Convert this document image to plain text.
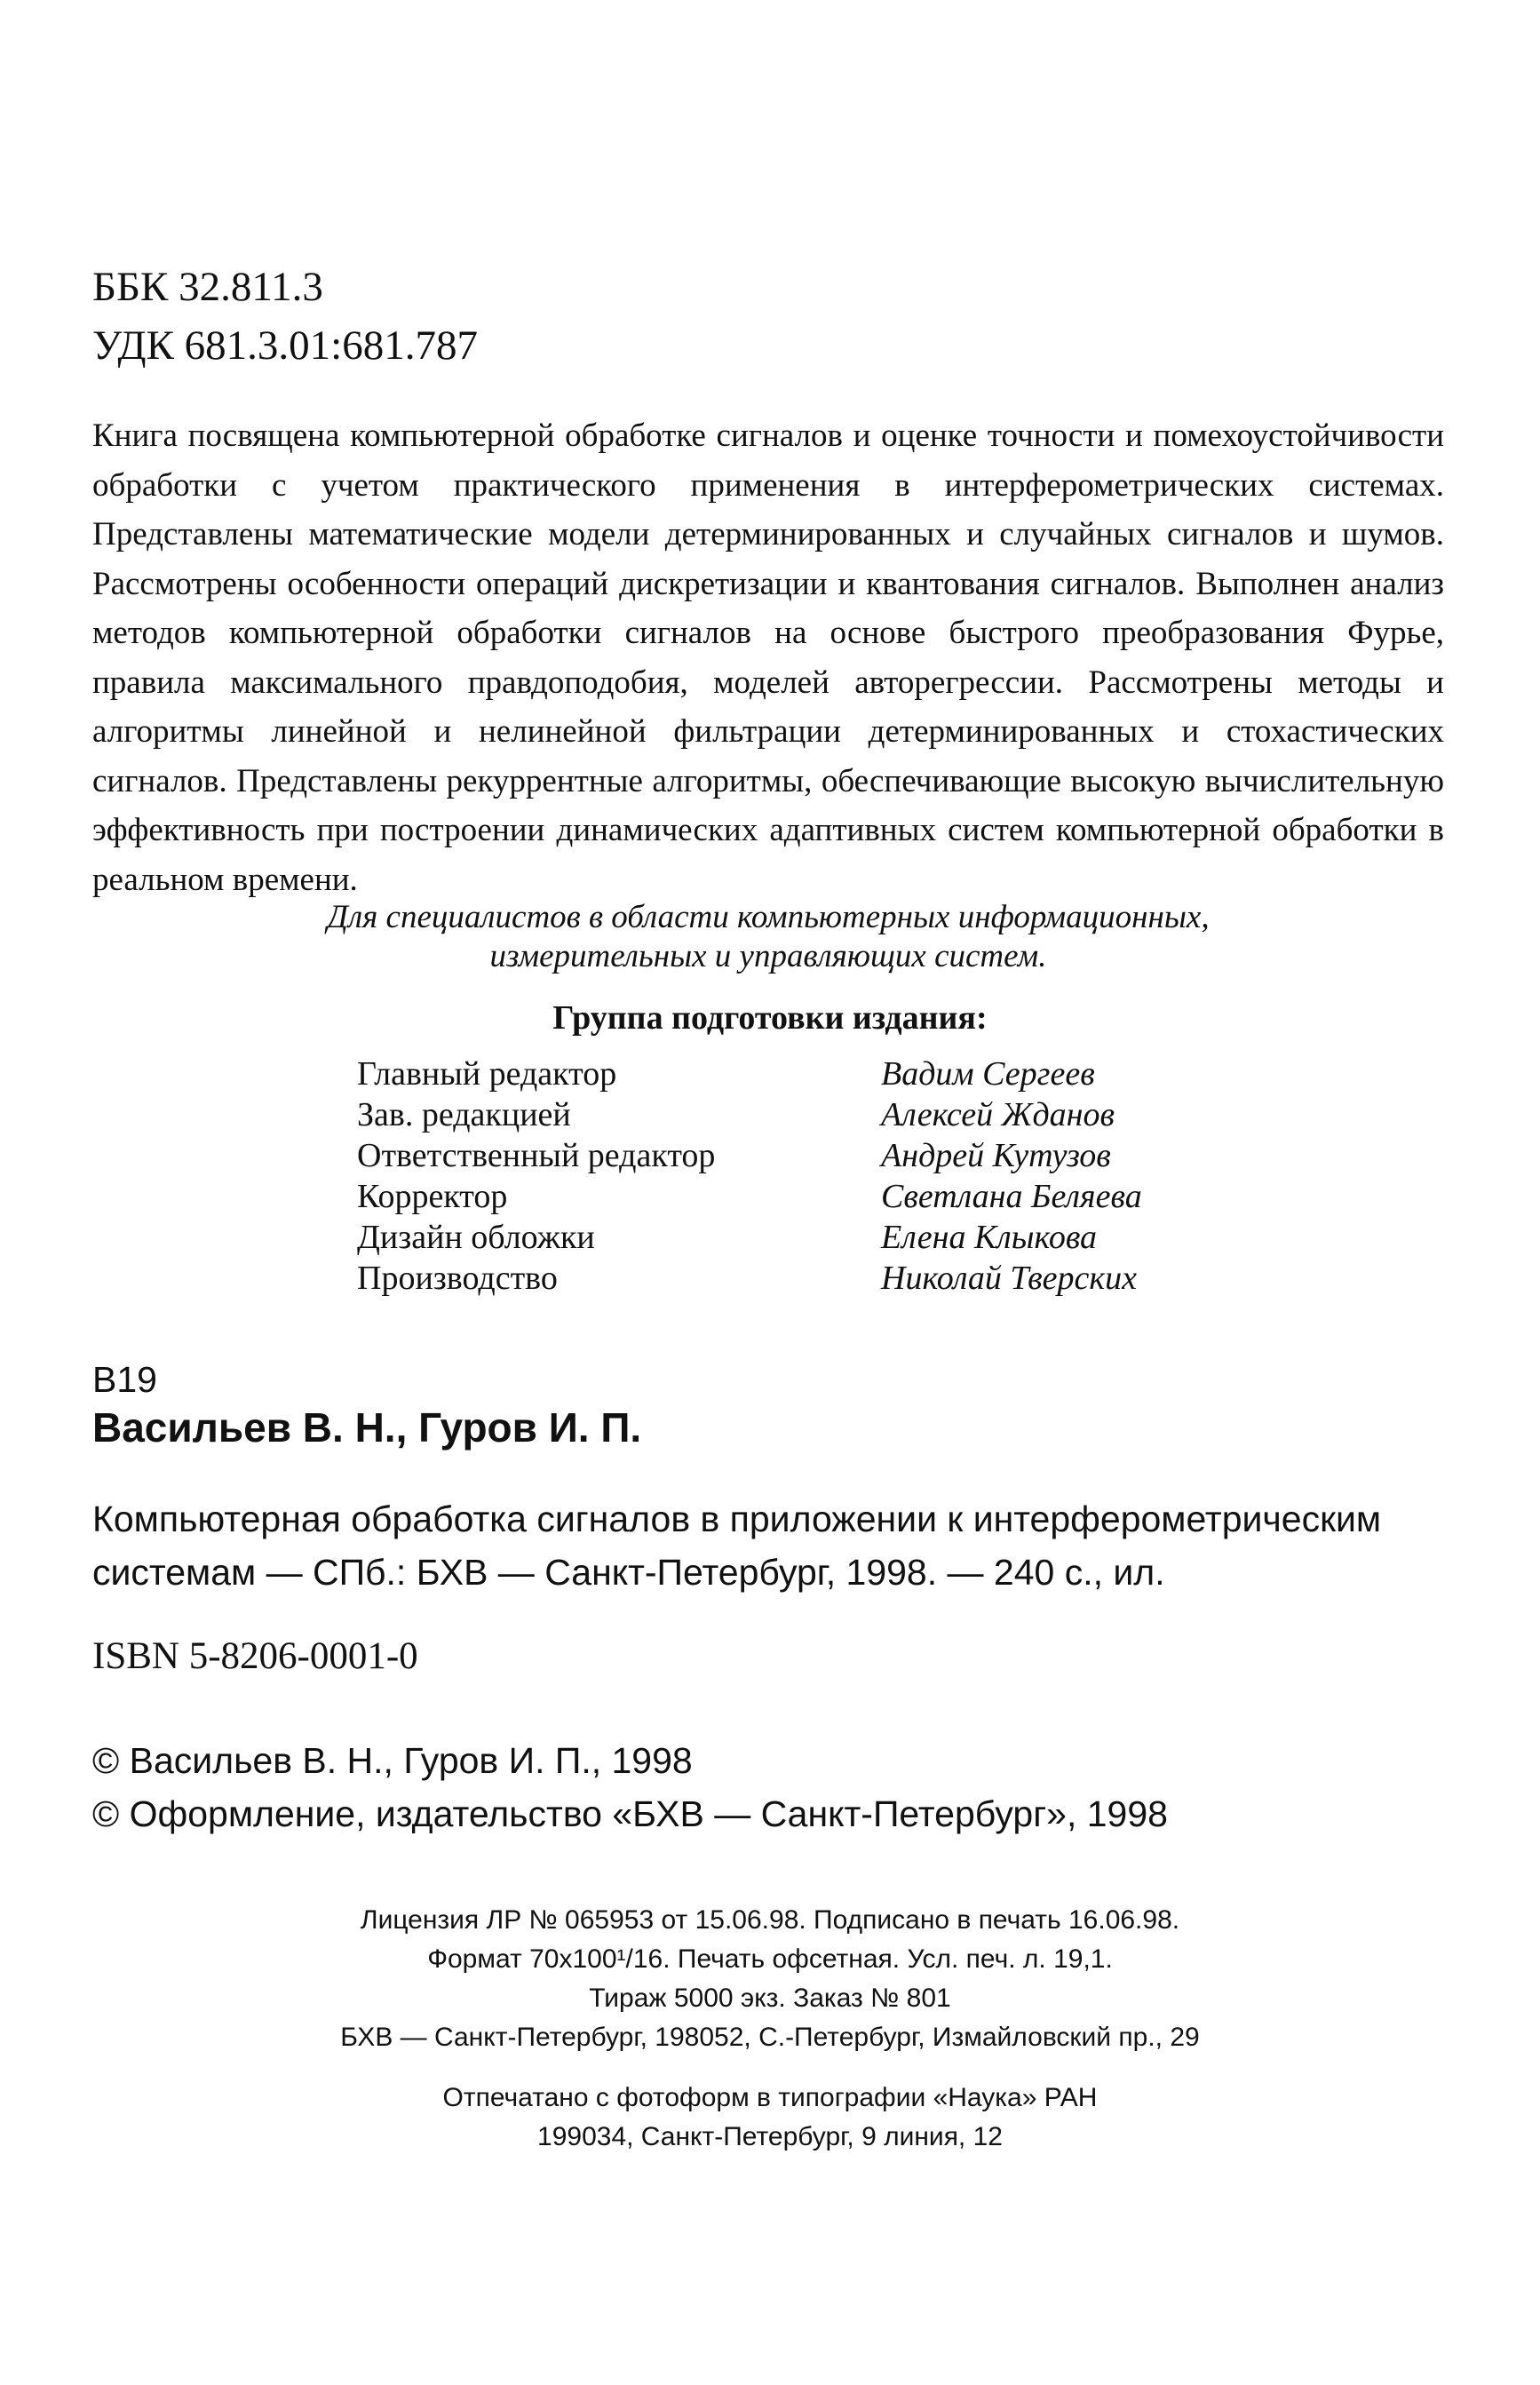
ББК 32.811.3
УДК 681.3.01:681.787

Книга посвящена компьютерной обработке сигналов и оценке точности и помехоустойчивости обработки с учетом практического применения в интерферометрических системах. Представлены математические модели детерминированных и случайных сигналов и шумов. Рассмотрены особенности операций дискретизации и квантования сигналов. Выполнен анализ методов компьютерной обработки сигналов на основе быстрого преобразования Фурье, правила максимального правдоподобия, моделей авторегрессии. Рассмотрены методы и алгоритмы линейной и нелинейной фильтрации детерминированных и стохастических сигналов. Представлены рекуррентные алгоритмы, обеспечивающие высокую вычислительную эффективность при построении динамических адаптивных систем компьютерной обработки в реальном времени.

Для специалистов в области компьютерных информационных,
измерительных и управляющих систем.
Группа подготовки издания:
Главный редактор	Вадим Сергеев
Зав. редакцией	Алексей Жданов
Ответственный редактор	Андрей Кутузов
Корректор	Светлана Беляева
Дизайн обложки	Елена Клыкова
Производство	Николай Тверских
В19
Васильев В. Н., Гуров И. П.
Компьютерная обработка сигналов в приложении к интерферометрическим системам — СПб.: БХВ — Санкт-Петербург, 1998. — 240 с., ил.
ISBN 5-8206-0001-0
© Васильев В. Н., Гуров И. П., 1998
© Оформление, издательство «БХВ — Санкт-Петербург», 1998
Лицензия ЛР № 065953 от 15.06.98. Подписано в печать 16.06.98.
Формат 70x100¹/16. Печать офсетная. Усл. печ. л. 19,1.
Тираж 5000 экз. Заказ № 801
БХВ — Санкт-Петербург, 198052, С.-Петербург, Измайловский пр., 29
Отпечатано с фотоформ в типографии «Наука» РАН
199034, Санкт-Петербург, 9 линия, 12
